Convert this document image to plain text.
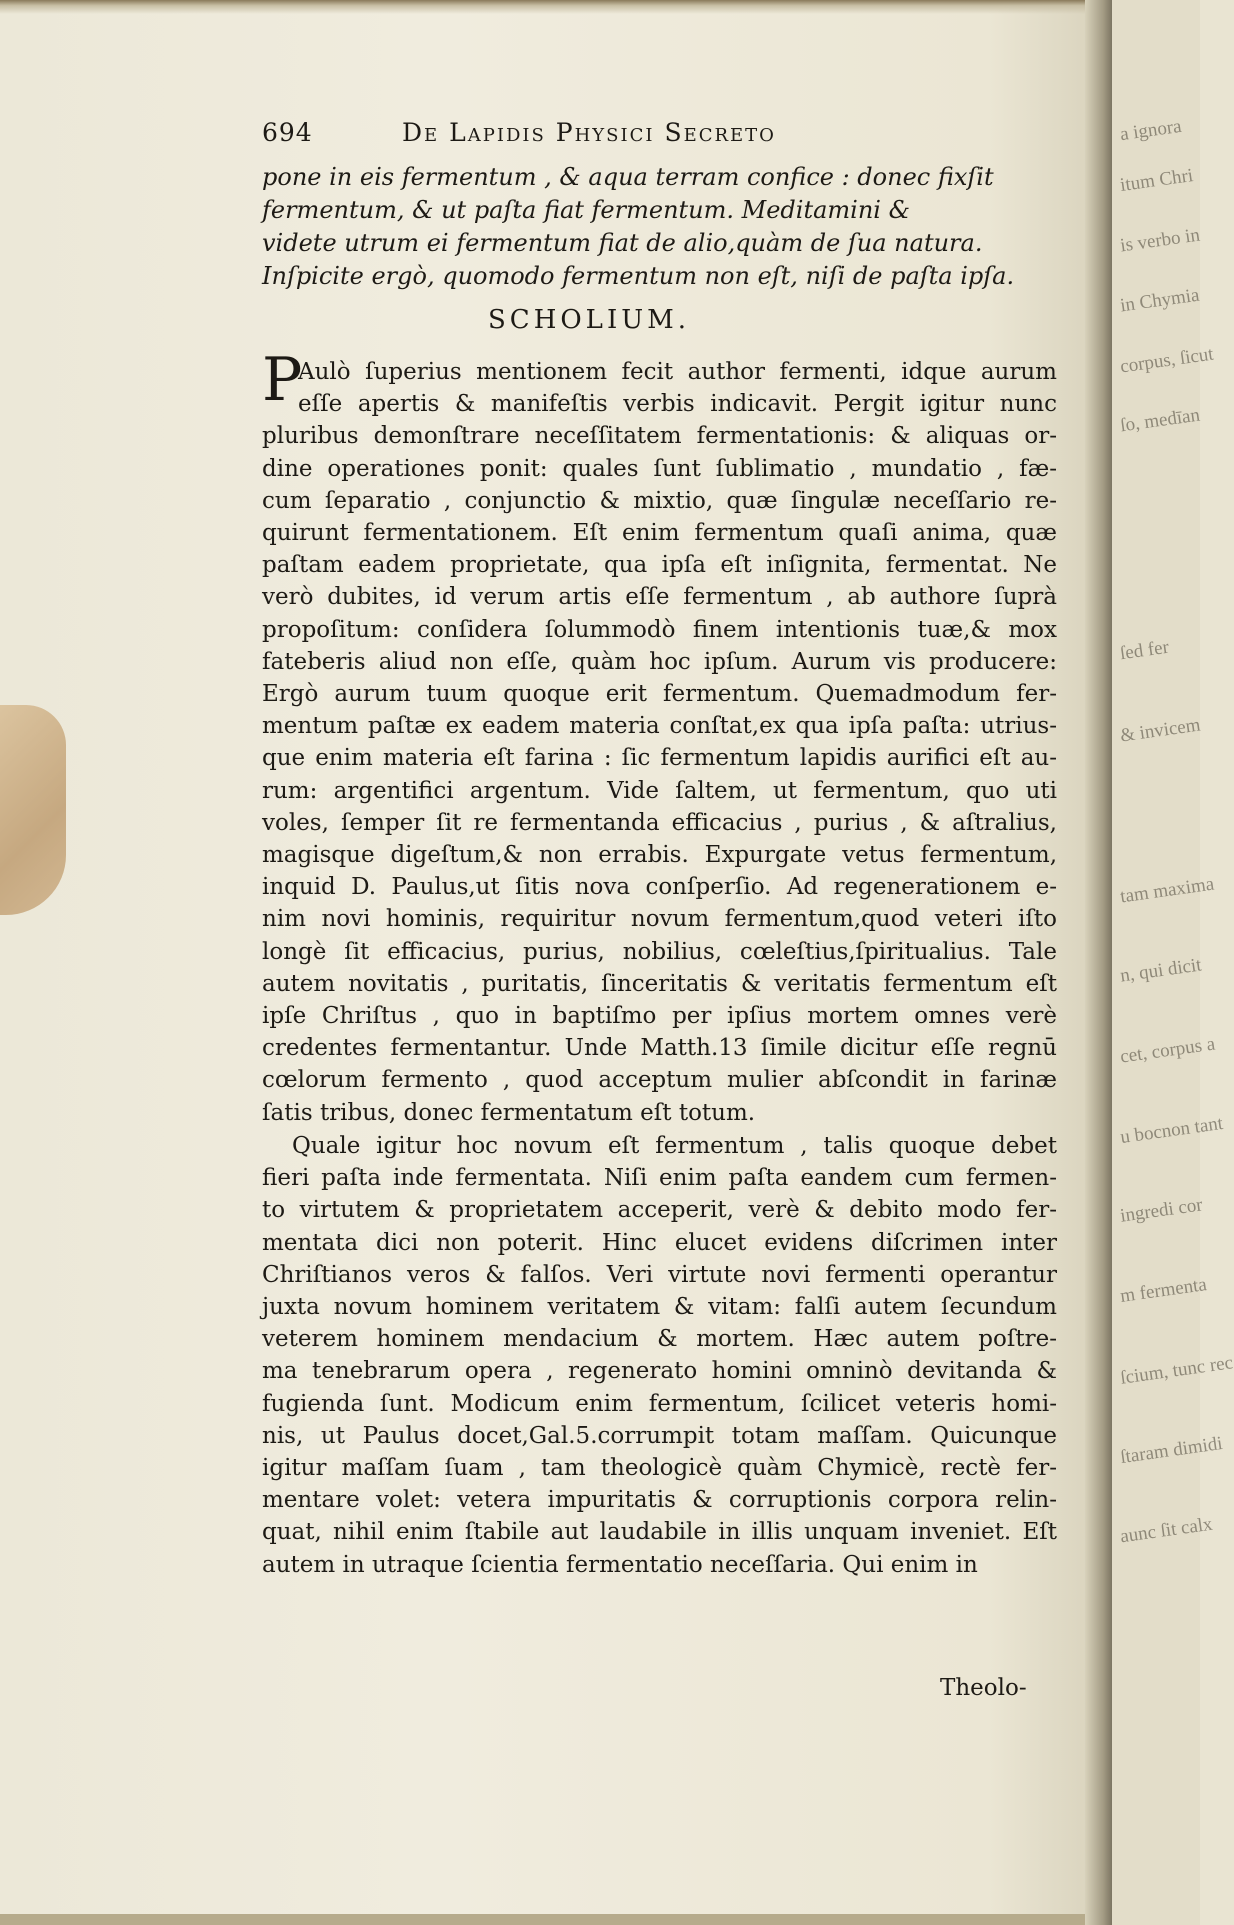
694	De Lapidis Physici Secreto
pone in eis fermentum , & aqua terram conﬁce : donec ﬁxſit
fermentum, & ut paſta ﬁat fermentum. Meditamini &
videte utrum ei fermentum ﬁat de alio,quàm de ſua natura.
Inſpicite ergò, quomodo fermentum non eſt, niſi de paſta ipſa.
SCHOLIUM.
P
Aulò ſuperius mentionem fecit author fermenti, idque aurum
eſſe apertis & manifeſtis verbis indicavit. Pergit igitur nunc
pluribus demonſtrare neceſſitatem fermentationis: & aliquas or-
dine operationes ponit: quales ſunt ſublimatio , mundatio , fæ-
cum ſeparatio , conjunctio & mixtio, quæ ſingulæ neceſſario re-
quirunt fermentationem. Eſt enim fermentum quaſi anima, quæ
paſtam eadem proprietate, qua ipſa eſt inſignita, fermentat. Ne
verò dubites, id verum artis eſſe fermentum , ab authore ſuprà
propoſitum: conſidera ſolummodò finem intentionis tuæ,& mox
fateberis aliud non eſſe, quàm hoc ipſum. Aurum vis producere:
Ergò aurum tuum quoque erit fermentum. Quemadmodum fer-
mentum paſtæ ex eadem materia conſtat,ex qua ipſa paſta: utrius-
que enim materia eſt farina : ſic fermentum lapidis aurifici eſt au-
rum: argentifici argentum. Vide ſaltem, ut fermentum, quo uti
voles, ſemper ſit re fermentanda efficacius , purius , & aſtralius,
magisque digeſtum,& non errabis. Expurgate vetus fermentum,
inquid D. Paulus,ut ſitis nova conſperſio. Ad regenerationem e-
nim novi hominis, requiritur novum fermentum,quod veteri iſto
longè ſit efficacius, purius, nobilius, cœleſtius,ſpiritualius. Tale
autem novitatis , puritatis, ſinceritatis & veritatis fermentum eſt
ipſe Chriſtus , quo in baptiſmo per ipſius mortem omnes verè
credentes fermentantur. Unde Matth.13 ſimile dicitur eſſe regnū
cœlorum fermento , quod acceptum mulier abſcondit in farinæ
ſatis tribus, donec fermentatum eſt totum.
Quale igitur hoc novum eſt fermentum , talis quoque debet
fieri paſta inde fermentata. Niſi enim paſta eandem cum fermen-
to virtutem & proprietatem acceperit, verè & debito modo fer-
mentata dici non poterit. Hinc elucet evidens diſcrimen inter
Chriſtianos veros & falſos. Veri virtute novi fermenti operantur
juxta novum hominem veritatem & vitam: falſi autem ſecundum
veterem hominem mendacium & mortem. Hæc autem poſtre-
ma tenebrarum opera , regenerato homini omninò devitanda &
fugienda ſunt. Modicum enim fermentum, ſcilicet veteris homi-
nis, ut Paulus docet,Gal.5.corrumpit totam maſſam. Quicunque
igitur maſſam ſuam , tam theologicè quàm Chymicè, rectè fer-
mentare volet: vetera impuritatis & corruptionis corpora relin-
quat, nihil enim ſtabile aut laudabile in illis unquam inveniet. Eſt
autem in utraque ſcientia fermentatio neceſſaria. Qui enim in
Theolo-
a ignora
itum Chri
is verbo in
in Chymia
corpus, ſicut
ſo, medīan
ſed fer
& invicem
tam maxima
n, qui dicit
cet, corpus a
u bocnon tant
ingredi cor
m fermenta
ſcium, tunc rec
ſtaram dimidi
aunc ſit calx
